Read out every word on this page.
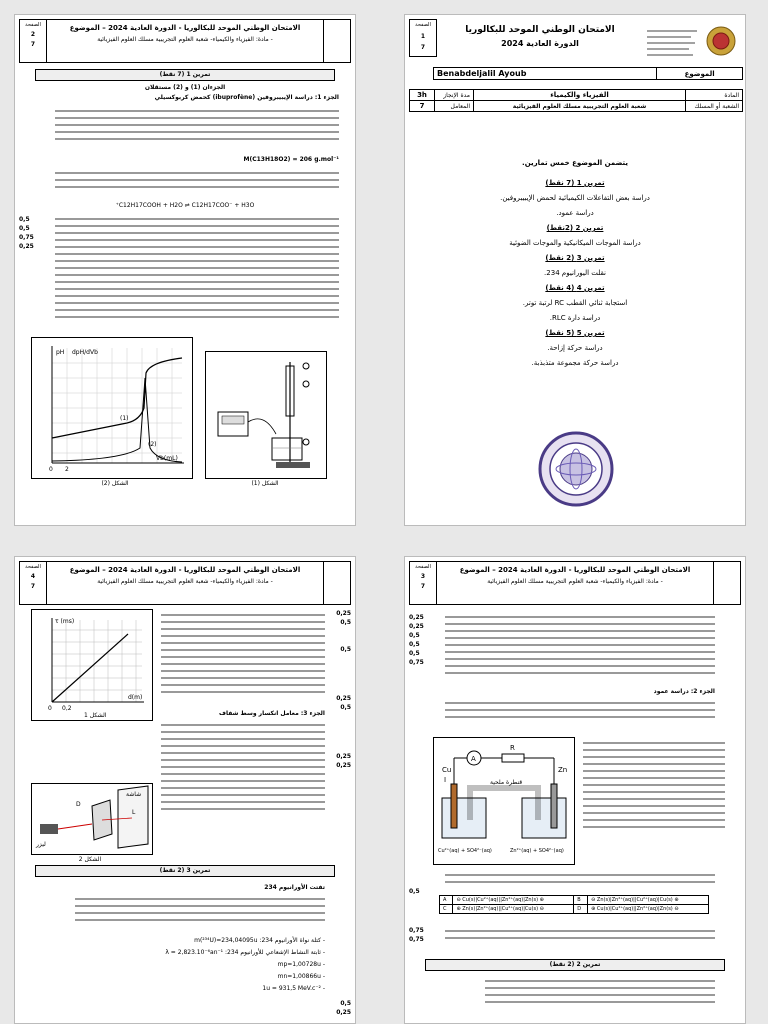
الصفحة
2
7
الامتحان الوطني الموحد للبكالوريا - الدورة العادية 2024 – الموضوع
- مادة: الفيزياء والكيمياء- شعبة العلوم التجريبية مسلك العلوم الفيزيائية
تمرين 1 (7 نقط)
الجزءان (1) و (2) مستقلان
الجزء 1: دراسة الإيبيبروفين (ibuprofène) كحمض كربوكسيلي
M(C13H18O2) = 206 g.mol⁻¹
C12H17COOH + H2O ⇌ C12H17COO⁻ + H3O⁺
0,5
0,5
0,75
0,25
pH dpH/dVb
Vb(mL)
0 2
(1)
(2)
الشكل (2)	الشكل (1)
الصفحة
1
7
الامتحان الوطني الموحد للبكالوريا
الدورة العادية 2024
Benabdeljalil Ayoub	الموضوع
3h	مدة الإنجاز	الفيزياء والكيمياء	المادة
7	المعامل	شعبة العلوم التجريبية مسلك العلوم الفيزيائية	الشعبة أو المسلك
يتضمن الموضوع خمس تمارين.
تمرين 1 (7 نقط)
دراسة بعض التفاعلات الكيميائية لحمض الإيبيبروفين.
دراسة عمود.
تمرين 2 (2نقط)
دراسة الموجات الميكانيكية والموجات الضوئية
تمرين 3 (2 نقط)
نقلت اليورانيوم 234.
تمرين 4 (4 نقط)
استجابة ثنائي القطب RC لرتبة توتر.
دراسة دارة RLC.
تمرين 5 (5 نقط)
دراسة حركة إزاحة.
دراسة حركة مجموعة متذبذبة.
الصفحة
4
7
الامتحان الوطني الموحد للبكالوريا - الدورة العادية 2024 – الموضوع
- مادة: الفيزياء والكيمياء- شعبة العلوم التجريبية مسلك العلوم الفيزيائية
τ (ms)
d(m)
0 0,2
الشكل 1	الجزء 3: معامل انكسار وسط شفاف
ليزر
شاشة
D
L
الشكل 2
0,25
0,5
0,5
0,25
0,5
0,25
0,25
تمرين 3 (2 نقط)
تفتت الأورانيوم 234
- كتلة نواة الأورانيوم 234: m(²³⁴U)=234,04095u
- ثابتة النشاط الإشعاعي للأورانيوم 234: λ = 2,823.10⁻⁶an⁻¹
- mp=1,00728u
- mn=1,00866u
- 1u = 931,5 MeV.c⁻²
0,5
0,25
الصفحة
3
7
الامتحان الوطني الموحد للبكالوريا - الدورة العادية 2024 – الموضوع
- مادة: الفيزياء والكيمياء- شعبة العلوم التجريبية مسلك العلوم الفيزيائية
0,25
0,25
0,5
0,5
0,5
0,75
الجزء 2: دراسة عمود
A
R
I	قنطرة ملحية
Cu	Zn
Cu²⁺(aq) + SO4²⁻(aq)	Zn²⁺(aq) + SO4²⁻(aq)
A	⊖ Cu(s)|Cu²⁺(aq)||Zn²⁺(aq)|Zn(s) ⊕	B	⊖ Zn(s)|Zn²⁺(aq)||Cu²⁺(aq)|Cu(s) ⊕
C	⊕ Zn(s)|Zn²⁺(aq)||Cu²⁺(aq)|Cu(s) ⊖	D	⊕ Cu(s)|Cu²⁺(aq)||Zn²⁺(aq)|Zn(s) ⊖
0,5
0,75
0,75
تمرين 2 (2 نقط)
